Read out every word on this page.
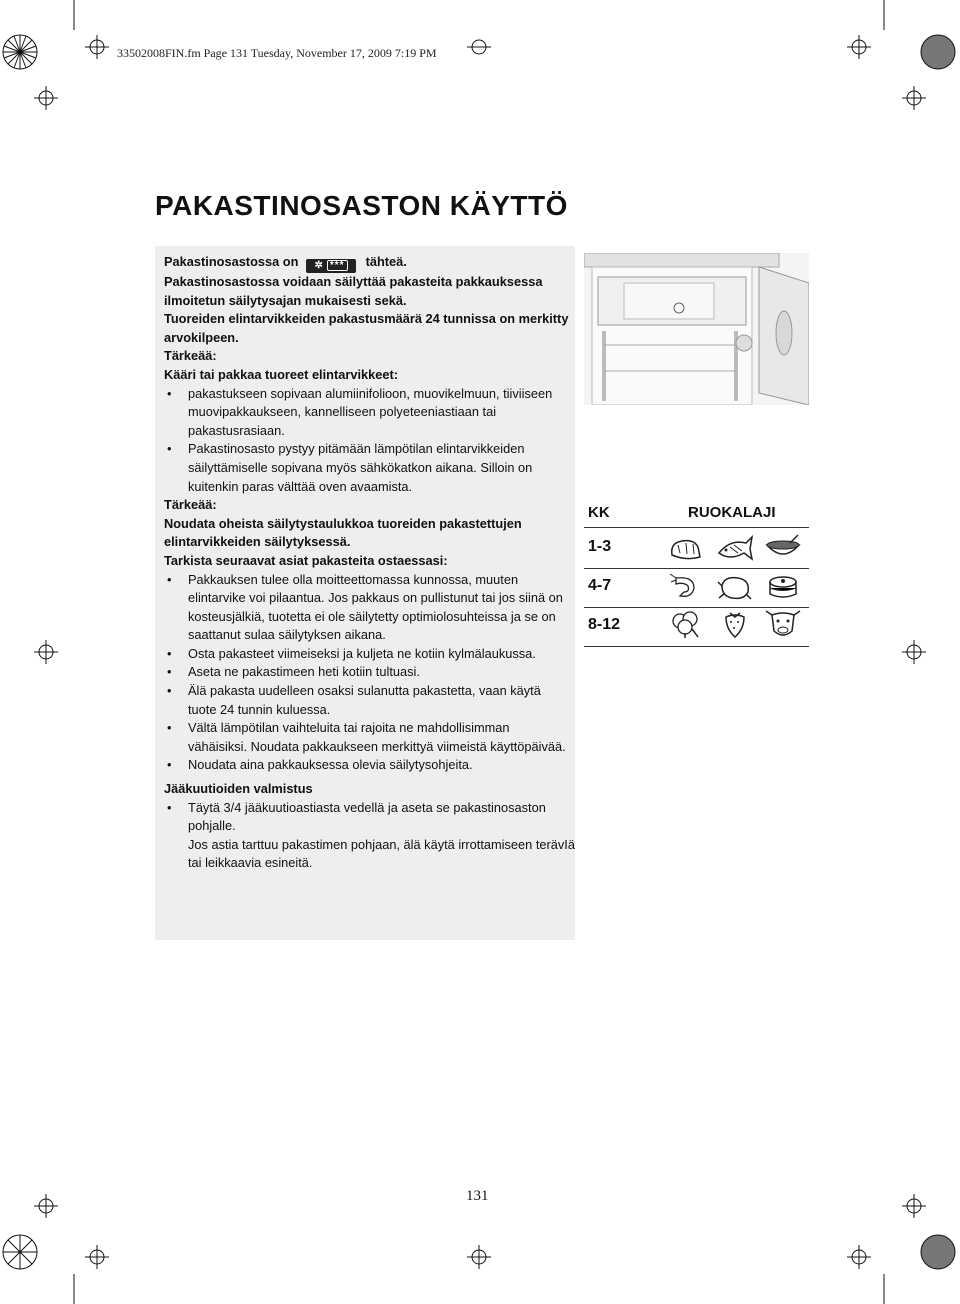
33502008FIN.fm Page 131 Tuesday, November 17, 2009 7:19 PM
PAKASTINOSASTON KÄYTTÖ

Pakastinosastossa on ✲ *** tähteä.

Pakastinosastossa voidaan säilyttää pakasteita pakkauksessa ilmoitetun säilytysajan mukaisesti sekä.

Tuoreiden elintarvikkeiden pakastusmäärä 24 tunnissa on merkitty arvokilpeen.

Tärkeää:

Kääri tai pakkaa tuoreet elintarvikkeet:

• pakastukseen sopivaan alumiinifolioon, muovikelmuun, tiiviiseen muovipakkaukseen, kannelliseen polyeteeniastiaan tai pakastusrasiaan.
• Pakastinosasto pystyy pitämään lämpötilan elintarvikkeiden säilyttämiselle sopivana myös sähkökatkon aikana. Silloin on kuitenkin paras välttää oven avaamista.

Tärkeää:

Noudata oheista säilytystaulukkoa tuoreiden pakastettujen elintarvikkeiden säilytyksessä.

Tarkista seuraavat asiat pakasteita ostaessasi:

• Pakkauksen tulee olla moitteettomassa kunnossa, muuten elintarvike voi pilaantua. Jos pakkaus on pullistunut tai jos siinä on kosteusjälkiä, tuotetta ei ole säilytetty optimiolosuhteissa ja se on saattanut sulaa säilytyksen aikana.
• Osta pakasteet viimeiseksi ja kuljeta ne kotiin kylmälaukussa.
• Aseta ne pakastimeen heti kotiin tultuasi.
• Älä pakasta uudelleen osaksi sulanutta pakastetta, vaan käytä tuote 24 tunnin kuluessa.
• Vältä lämpötilan vaihteluita tai rajoita ne mahdollisimman vähäisiksi. Noudata pakkaukseen merkittyä viimeistä käyttöpäivää.
• Noudata aina pakkauksessa olevia säilytysohjeita.

Jääkuutioiden valmistus

• Täytä 3/4 jääkuutioastiasta vedellä ja aseta se pakastinosaston pohjalle.

Jos astia tarttuu pakastimen pohjaan, älä käytä irrottamiseen terävIä tai leikkaavia esineitä.

KK	RUOKALAJI
1-3
4-7
8-12
131
